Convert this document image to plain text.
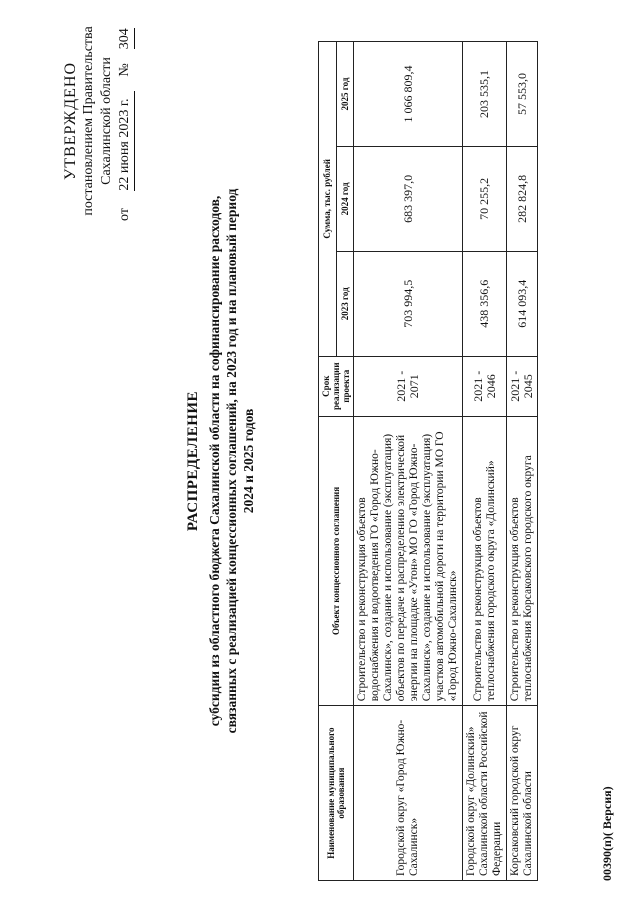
УТВЕРЖДЕНО постановлением Правительства Сахалинской области
от     22 июня 2023 г.    №    304
РАСПРЕДЕЛЕНИЕ субсидии из областного бюджета Сахалинской области на софинансирование расходов, связанных с реализацией концессионных соглашений, на 2023 год и на плановый период 2024 и 2025 годов
Наименование муниципального образования	Объект концессионного соглашения	Срок реализации проекта	Сумма, тыс. рублей		
			2023 год	2024 год	2025 год
Городской округ «Город Южно-Сахалинск»	Строительство и реконструкция объектов водоснабжения и водоотведения ГО «Город Южно-Сахалинск», создание и использование (эксплуатация) объектов по передаче и распределению электрической энергии на площадке «Утон» МО ГО «Город Южно-Сахалинск», создание и использование (эксплуатация) участков автомобильной дороги на территории МО ГО «Город Южно-Сахалинск»	2021 - 2071	703 994,5	683 397,0	1 066 809,4
Городской округ «Долинский» Сахалинской области Российской Федерации	Строительство и реконструкция объектов теплоснабжения городского округа «Долинский»	2021 - 2046	438 356,6	70 255,2	203 535,1
Корсаковский городской округ Сахалинской области	Строительство и реконструкция объектов теплоснабжения Корсаковского городского округа	2021 - 2045	614 093,4	282 824,8	57 553,0
00390(п)( Версия)
